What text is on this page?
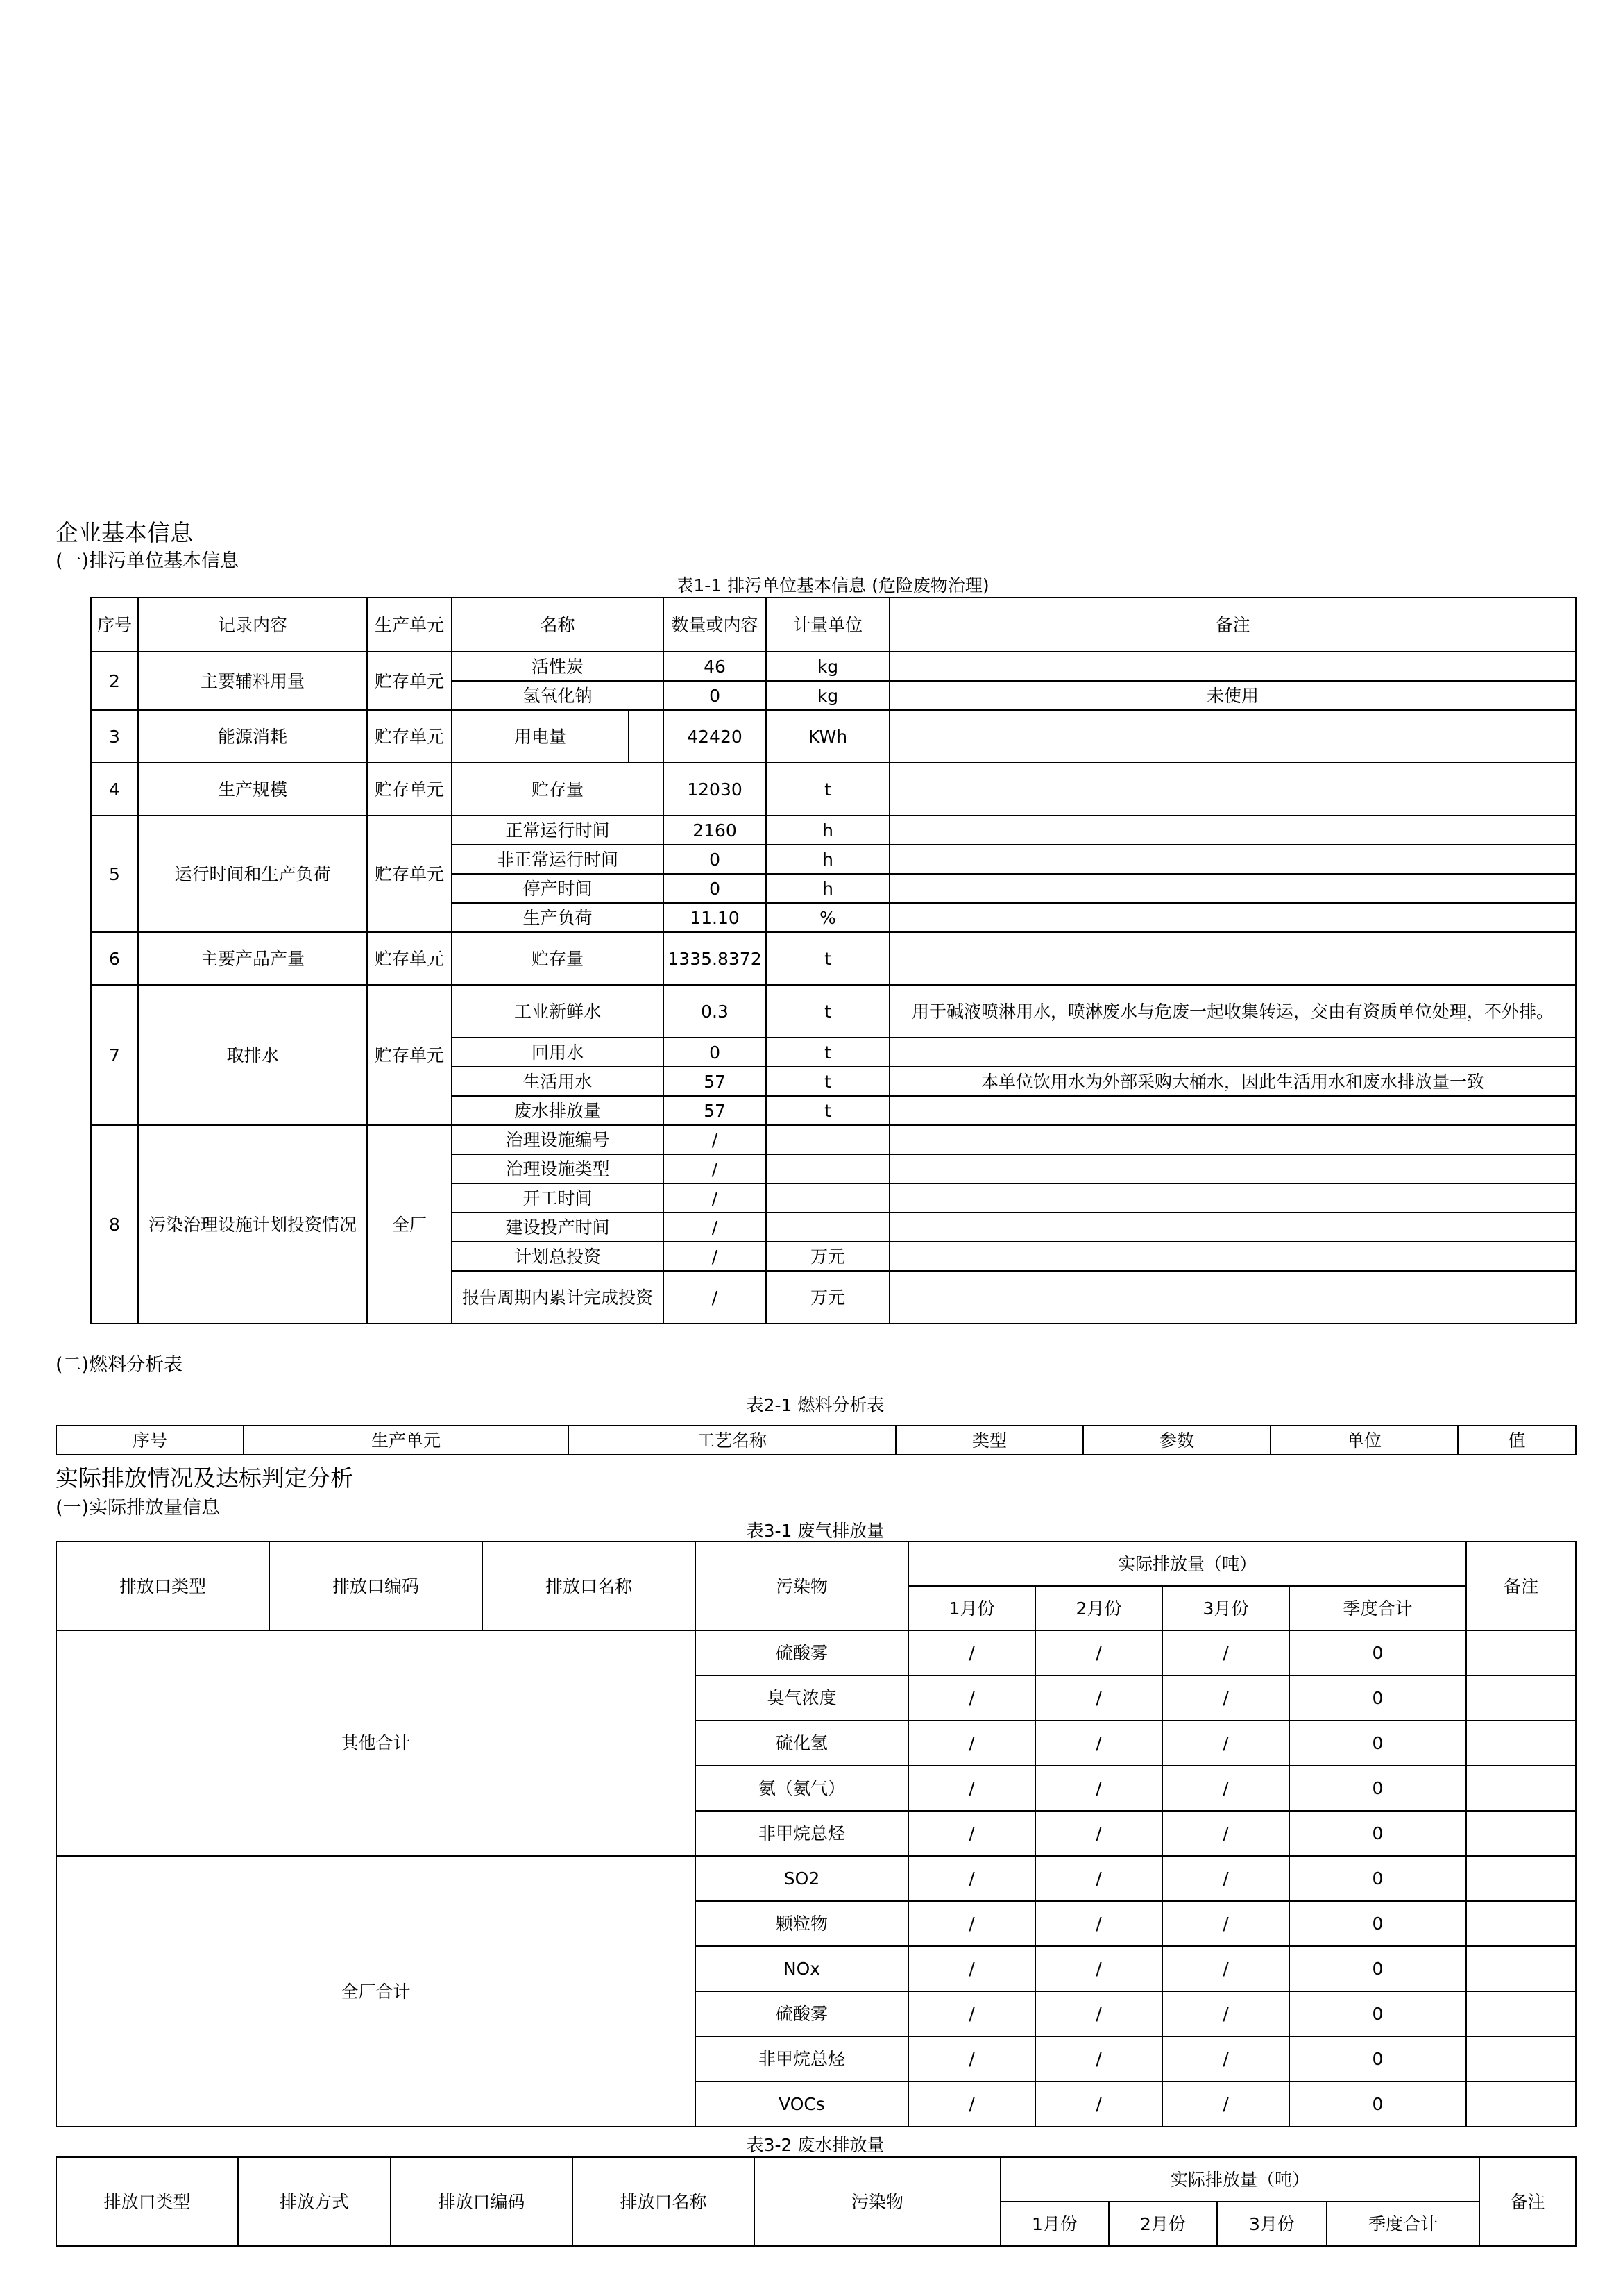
企业基本信息
(一)排污单位基本信息
表1-1 排污单位基本信息 (危险废物治理)
序号	记录内容	生产单元	名称		数量或内容	计量单位	备注
2	主要辅料用量	贮存单元	活性炭		46	kg	
			氢氧化钠		0	kg	未使用
3	能源消耗	贮存单元	用电量		42420	KWh	
4	生产规模	贮存单元	贮存量		12030	t	
5	运行时间和生产负荷	贮存单元	正常运行时间		2160	h	
			非正常运行时间		0	h	
			停产时间		0	h	
			生产负荷		11.10	%	
6	主要产品产量	贮存单元	贮存量		1335.8372	t	
7	取排水	贮存单元	工业新鲜水		0.3	t	用于碱液喷淋用水，喷淋废水与危废一起收集转运，交由有资质单位处理，不外排。
			回用水		0	t	
			生活用水		57	t	本单位饮用水为外部采购大桶水，因此生活用水和废水排放量一致
			废水排放量		57	t	
8	污染治理设施计划投资情况	全厂	治理设施编号		/		
			治理设施类型		/		
			开工时间		/		
			建设投产时间		/		
			计划总投资		/	万元	
			报告周期内累计完成投资		/	万元	
(二)燃料分析表
表2-1 燃料分析表
序号	生产单元	工艺名称	类型	参数	单位	值
实际排放情况及达标判定分析
(一)实际排放量信息
表3-1 废气排放量
排放口类型	排放口编码	排放口名称	污染物	实际排放量（吨）				备注
				1月份	2月份	3月份	季度合计	
其他合计			硫酸雾	/	/	/	0	
			臭气浓度	/	/	/	0	
			硫化氢	/	/	/	0	
			氨（氨气）	/	/	/	0	
			非甲烷总烃	/	/	/	0	
全厂合计			SO2	/	/	/	0	
			颗粒物	/	/	/	0	
			NOx	/	/	/	0	
			硫酸雾	/	/	/	0	
			非甲烷总烃	/	/	/	0	
			VOCs	/	/	/	0	
表3-2 废水排放量
排放口类型	排放方式	排放口编码	排放口名称	污染物	实际排放量（吨）				备注
					1月份	2月份	3月份	季度合计	
